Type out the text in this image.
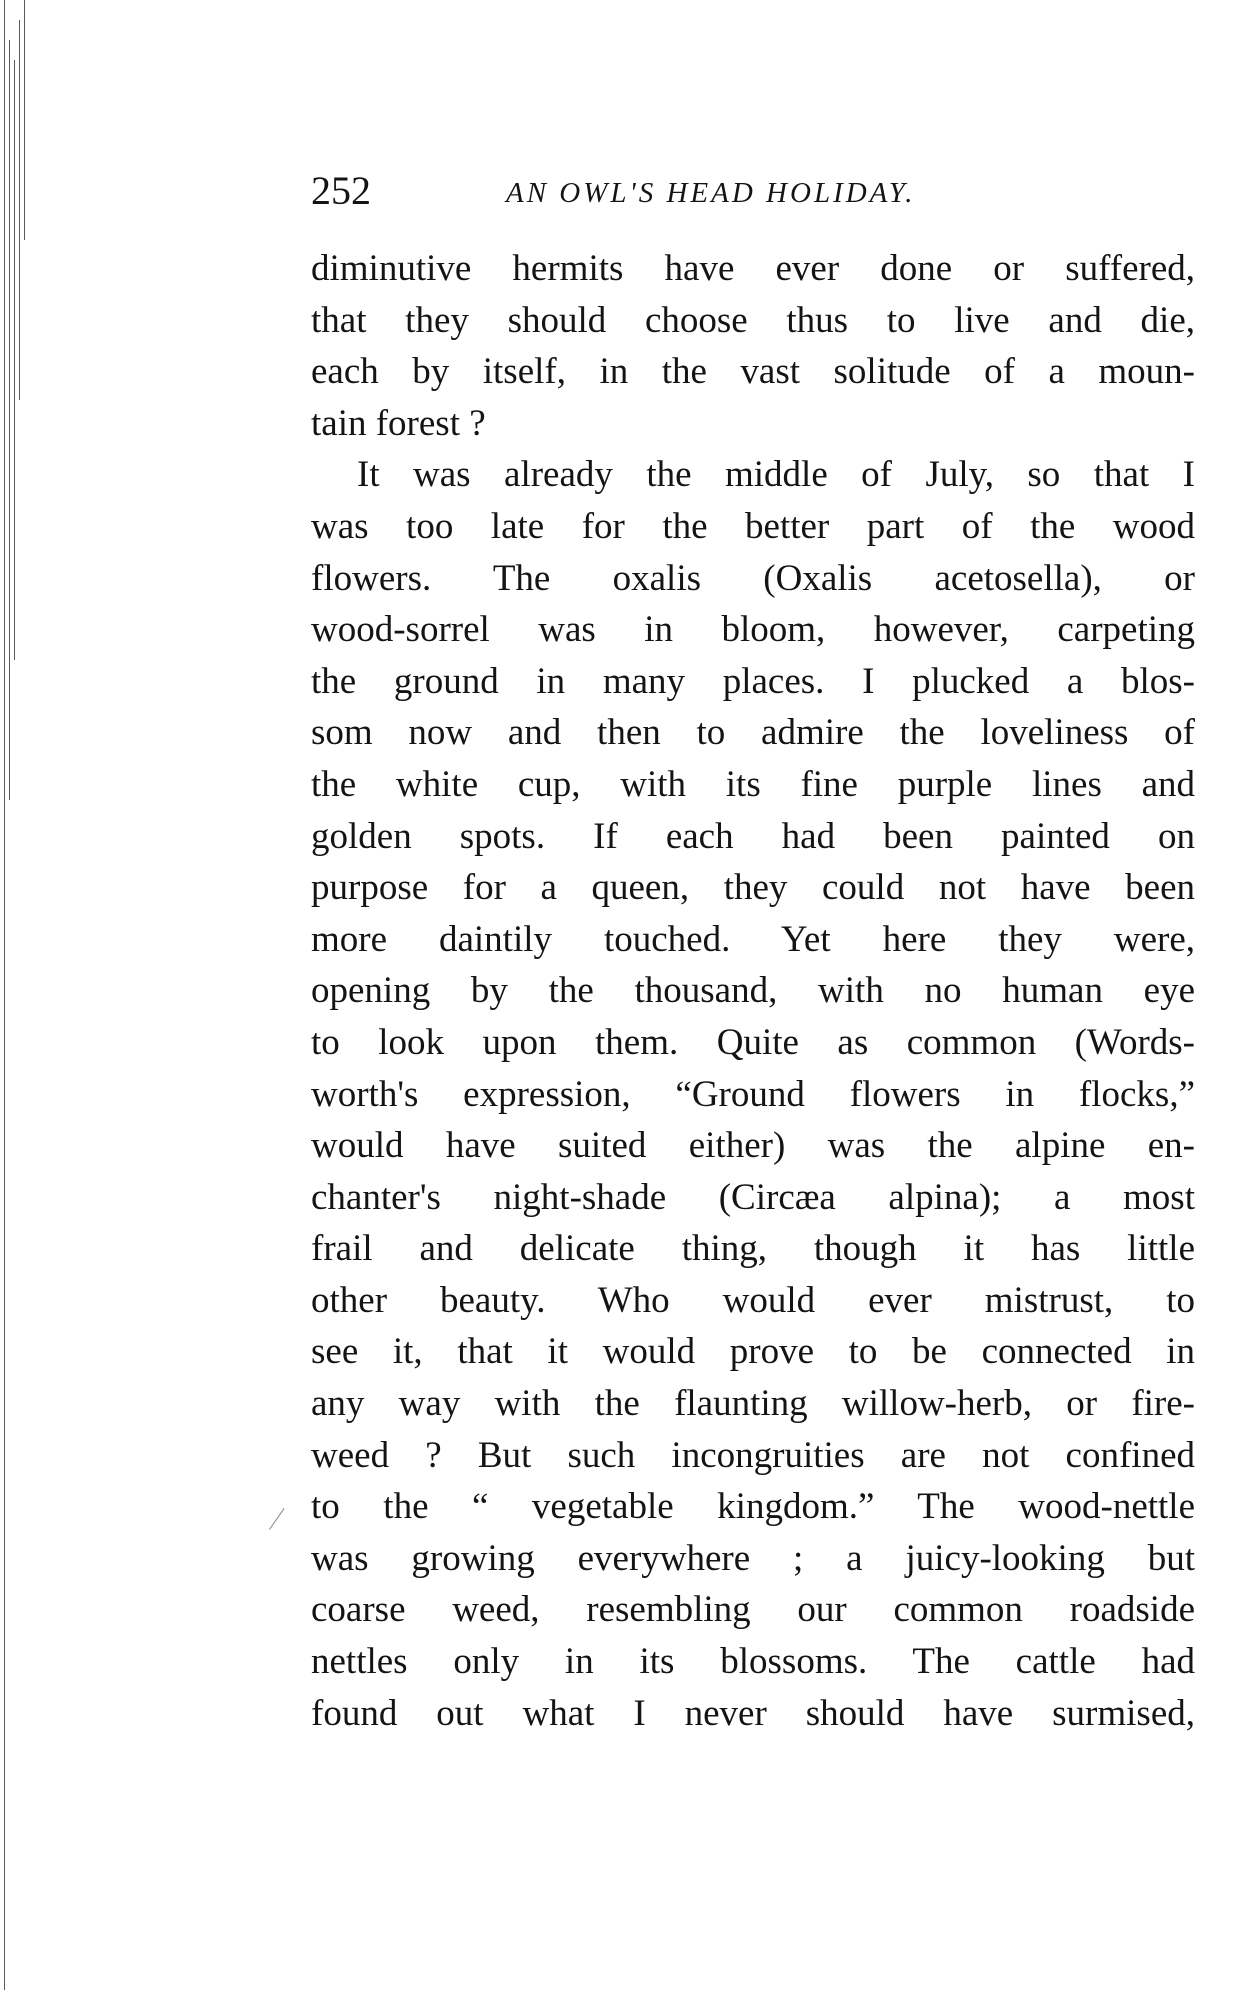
252	AN OWL'S HEAD HOLIDAY.
diminutive hermits have ever done or suffered,
that they should choose thus to live and die,
each by itself, in the vast solitude of a moun-
tain forest ?
It was already the middle of July, so that I
was too late for the better part of the wood
flowers. The oxalis (Oxalis acetosella), or
wood-sorrel was in bloom, however, carpeting
the ground in many places. I plucked a blos-
som now and then to admire the loveliness of
the white cup, with its fine purple lines and
golden spots. If each had been painted on
purpose for a queen, they could not have been
more daintily touched. Yet here they were,
opening by the thousand, with no human eye
to look upon them. Quite as common (Words-
worth's expression, “Ground flowers in flocks,”
would have suited either) was the alpine en-
chanter's night-shade (Circæa alpina); a most
frail and delicate thing, though it has little
other beauty. Who would ever mistrust, to
see it, that it would prove to be connected in
any way with the flaunting willow-herb, or fire-
weed ? But such incongruities are not confined
to the “ vegetable kingdom.” The wood-nettle
was growing everywhere ; a juicy-looking but
coarse weed, resembling our common roadside
nettles only in its blossoms. The cattle had
found out what I never should have surmised,
